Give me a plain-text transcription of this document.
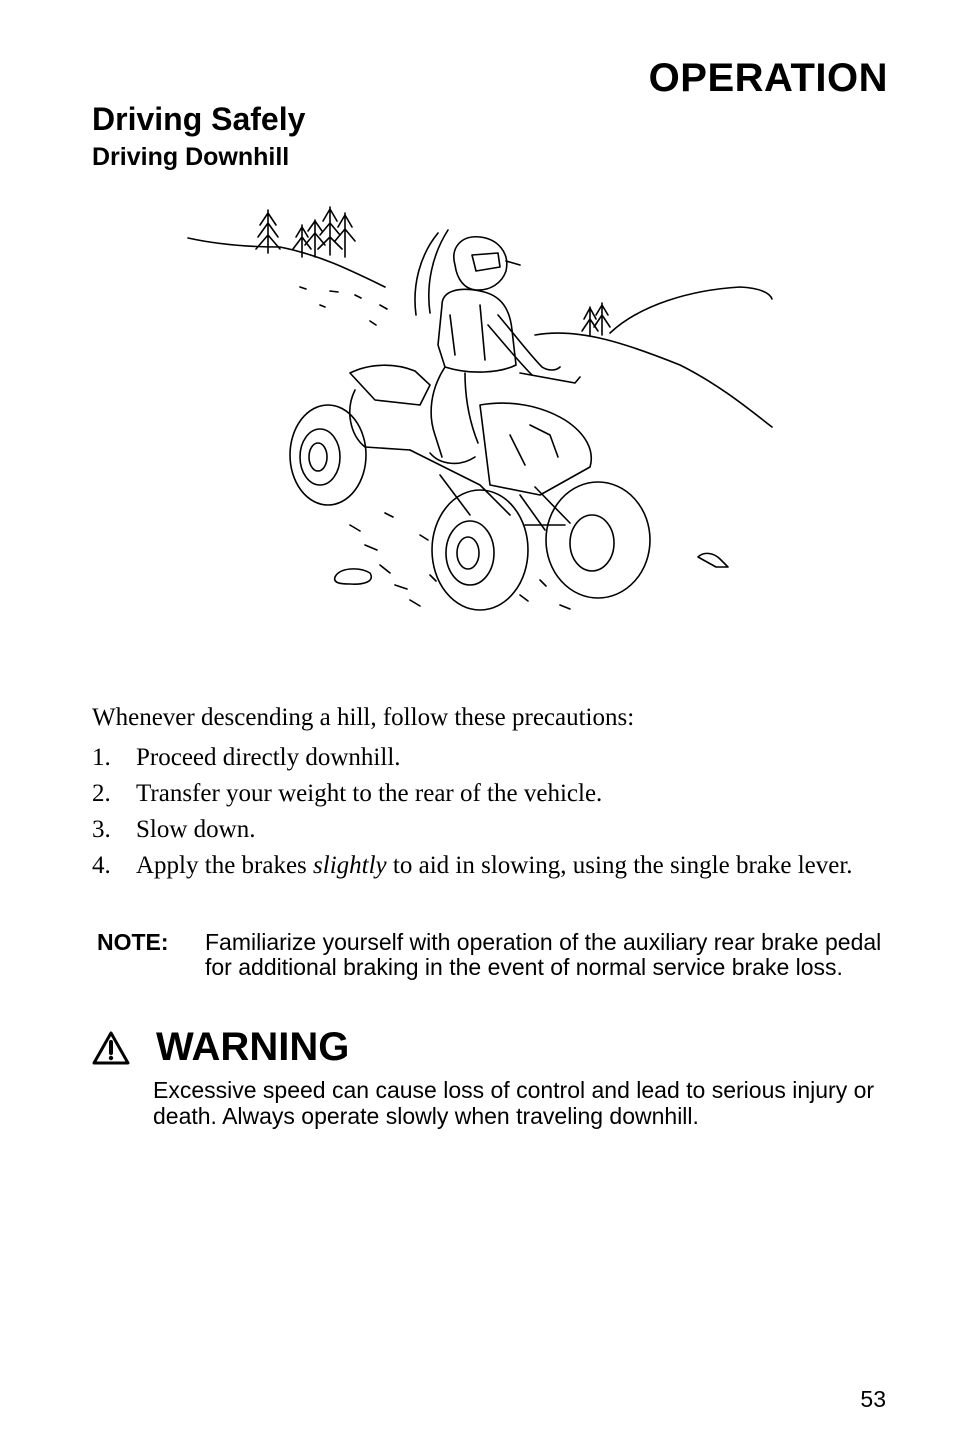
OPERATION
Driving Safely
Driving Downhill
Whenever descending a hill, follow these precautions:
1.	Proceed directly downhill.
2.	Transfer your weight to the rear of the vehicle.
3.	Slow down.
4.	Apply the brakes slightly to aid in slowing, using the single brake lever.
NOTE:	Familiarize yourself with operation of the auxiliary rear brake pedal for additional braking in the event of normal service brake loss.
WARNING
Excessive speed can cause loss of control and lead to serious injury or death. Always operate slowly when traveling downhill.
53
